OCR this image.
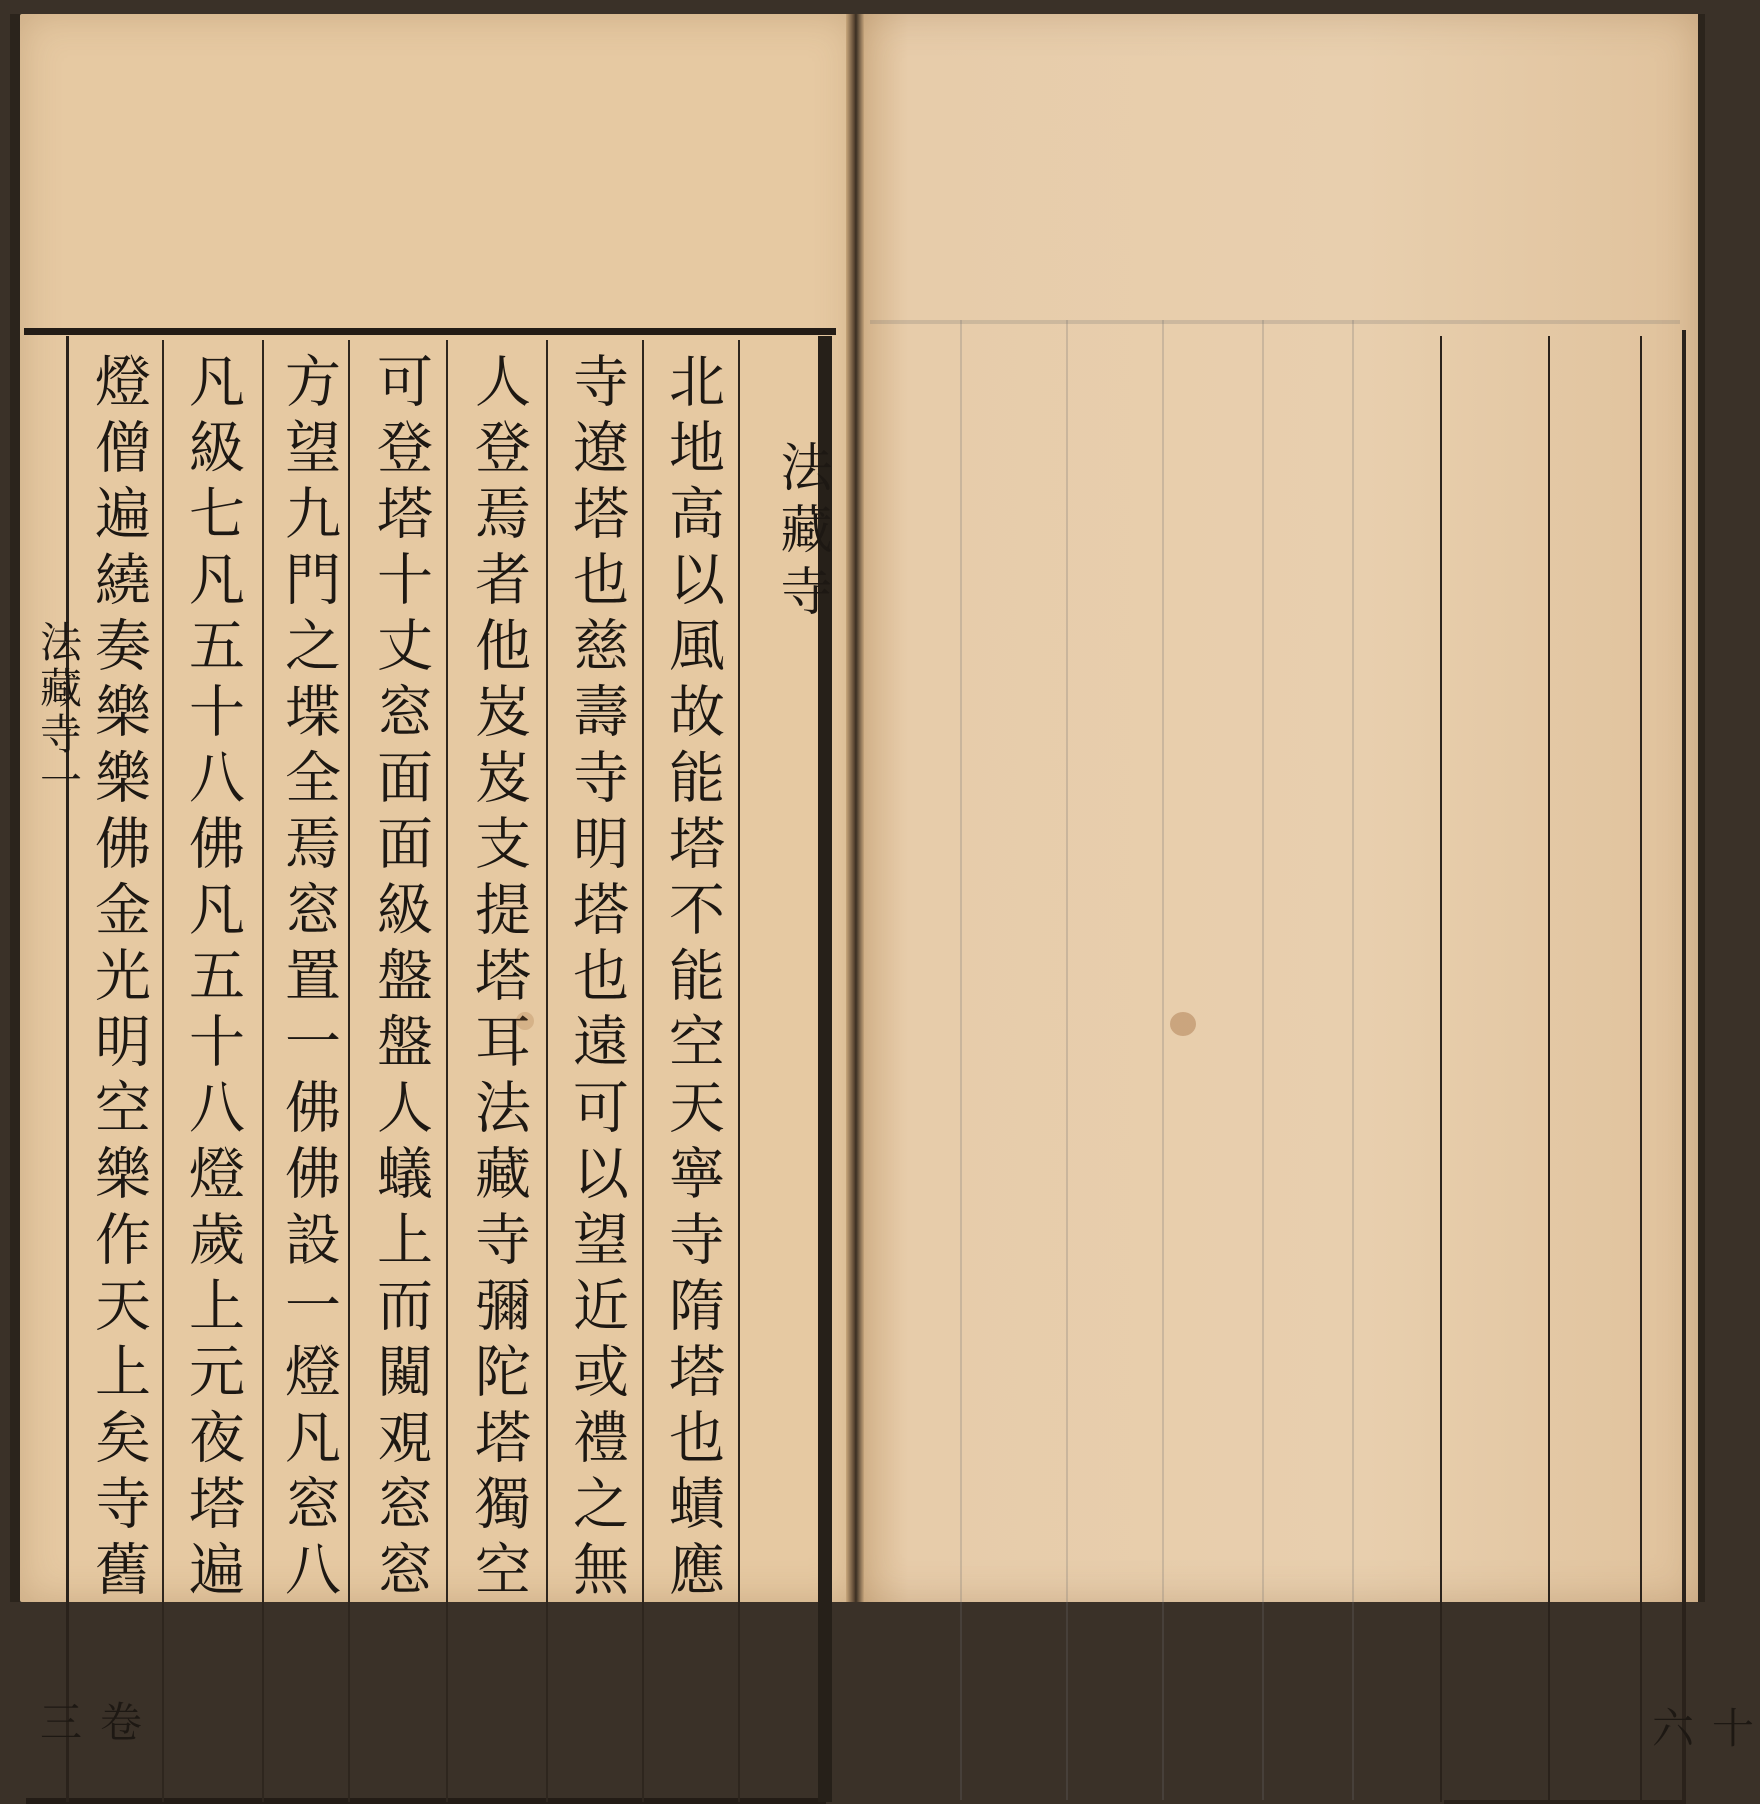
法藏寺
北地高以風故能塔不能空天寧寺隋塔也𧐐應
寺遼塔也慈壽寺明塔也遠可以望近或禮之無
人登焉者他岌岌支提塔耳法藏寺彌陀塔獨空
可登塔十丈窓面面級盤盤人蟻上而闚覌窓窓
方望九門之堞全焉窓置一佛佛設一燈凡窓八
凡級七凡五十八佛凡五十八燈歲上元夜塔遍
燈僧遍繞奏樂樂佛金光明空樂作天上矣寺舊
法藏寺一
卷三	十六
